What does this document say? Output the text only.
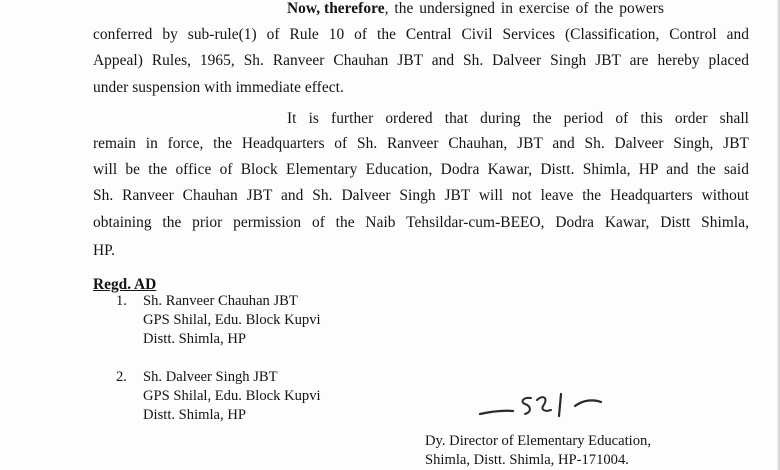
Now, therefore, the undersigned in exercise of the powers
conferred by sub-rule(1) of Rule 10 of the Central Civil Services (Classification, Control and
Appeal) Rules, 1965, Sh. Ranveer Chauhan JBT and Sh. Dalveer Singh JBT are hereby placed
under suspension with immediate effect.
It is further ordered that during the period of this order shall
remain in force, the Headquarters of Sh. Ranveer Chauhan, JBT and Sh. Dalveer Singh, JBT
will be the office of Block Elementary Education, Dodra Kawar, Distt. Shimla, HP and the said
Sh. Ranveer Chauhan JBT and Sh. Dalveer Singh JBT will not leave the Headquarters without
obtaining the prior permission of the Naib Tehsildar-cum-BEEO, Dodra Kawar, Distt Shimla,
HP.
Regd. AD
1. Sh. Ranveer Chauhan JBT
GPS Shilal, Edu. Block Kupvi
Distt. Shimla, HP
2. Sh. Dalveer Singh JBT
GPS Shilal, Edu. Block Kupvi
Distt. Shimla, HP
Dy. Director of Elementary Education,
Shimla, Distt. Shimla, HP-171004.
